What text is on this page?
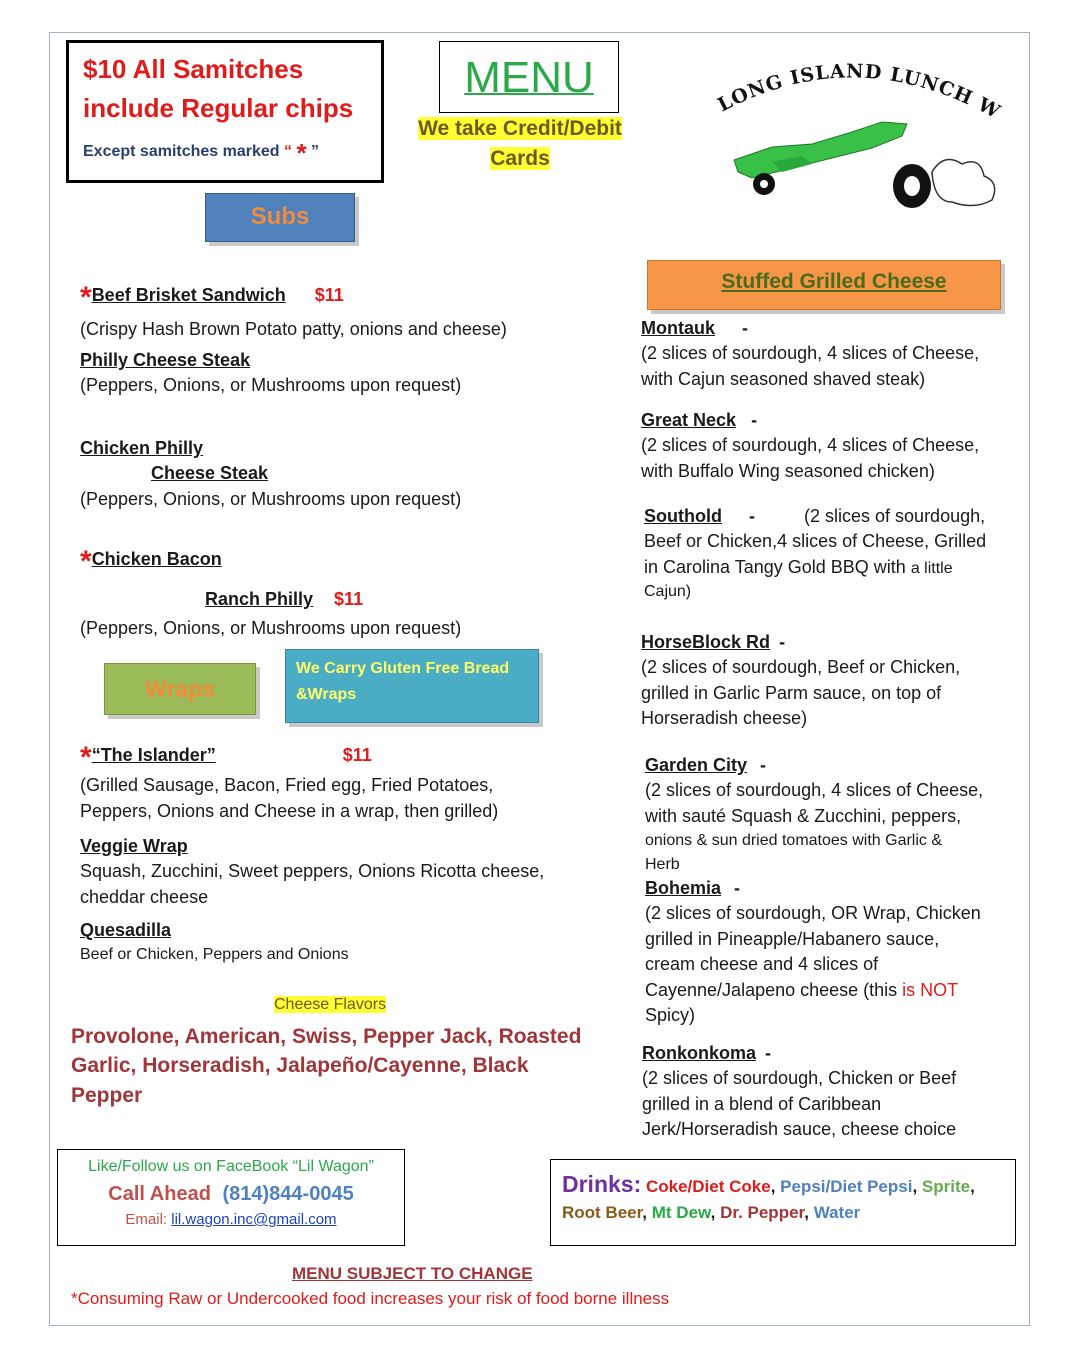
$10 All Samitches
include Regular chips
Except samitches marked “ * ”
MENU
We take Credit/Debit
Cards
LONG ISLAND LUNCH W
Subs
*Beef Brisket Sandwich $11
(Crispy Hash Brown Potato patty, onions and cheese)
Philly Cheese Steak
(Peppers, Onions, or Mushrooms upon request)
Chicken Philly
Cheese Steak
(Peppers, Onions, or Mushrooms upon request)
*Chicken Bacon
Ranch Philly $11
(Peppers, Onions, or Mushrooms upon request)
Wraps
We Carry Gluten Free Bread &Wraps
*“The Islander”	$11
(Grilled Sausage, Bacon, Fried egg, Fried Potatoes,
Peppers, Onions and Cheese in a wrap, then grilled)
Veggie Wrap
Squash, Zucchini, Sweet peppers, Onions Ricotta cheese,
cheddar cheese
Quesadilla
Beef or Chicken, Peppers and Onions
Cheese Flavors
Provolone, American, Swiss, Pepper Jack, Roasted
Garlic, Horseradish, Jalapeño/Cayenne, Black
Pepper
Stuffed Grilled Cheese
Montauk -
(2 slices of sourdough, 4 slices of Cheese,
with Cajun seasoned shaved steak)
Great Neck -
(2 slices of sourdough, 4 slices of Cheese,
with Buffalo Wing seasoned chicken)
Southold -	(2 slices of sourdough,
Beef or Chicken,4 slices of Cheese, Grilled
in Carolina Tangy Gold BBQ with a little
Cajun)
HorseBlock Rd -
(2 slices of sourdough, Beef or Chicken,
grilled in Garlic Parm sauce, on top of
Horseradish cheese)
Garden City -
(2 slices of sourdough, 4 slices of Cheese,
with sauté Squash & Zucchini, peppers,
onions & sun dried tomatoes with Garlic &
Herb
Bohemia -
(2 slices of sourdough, OR Wrap, Chicken
grilled in Pineapple/Habanero sauce,
cream cheese and 4 slices of
Cayenne/Jalapeno cheese (this is NOT
Spicy)
Ronkonkoma -
(2 slices of sourdough, Chicken or Beef
grilled in a blend of Caribbean
Jerk/Horseradish sauce, cheese choice
Like/Follow us on FaceBook “Lil Wagon”
Call Ahead (814)844-0045
Email: lil.wagon.inc@gmail.com
Drinks: Coke/Diet Coke, Pepsi/Diet Pepsi, Sprite,
Root Beer, Mt Dew, Dr. Pepper, Water
MENU SUBJECT TO CHANGE
*Consuming Raw or Undercooked food increases your risk of food borne illness
